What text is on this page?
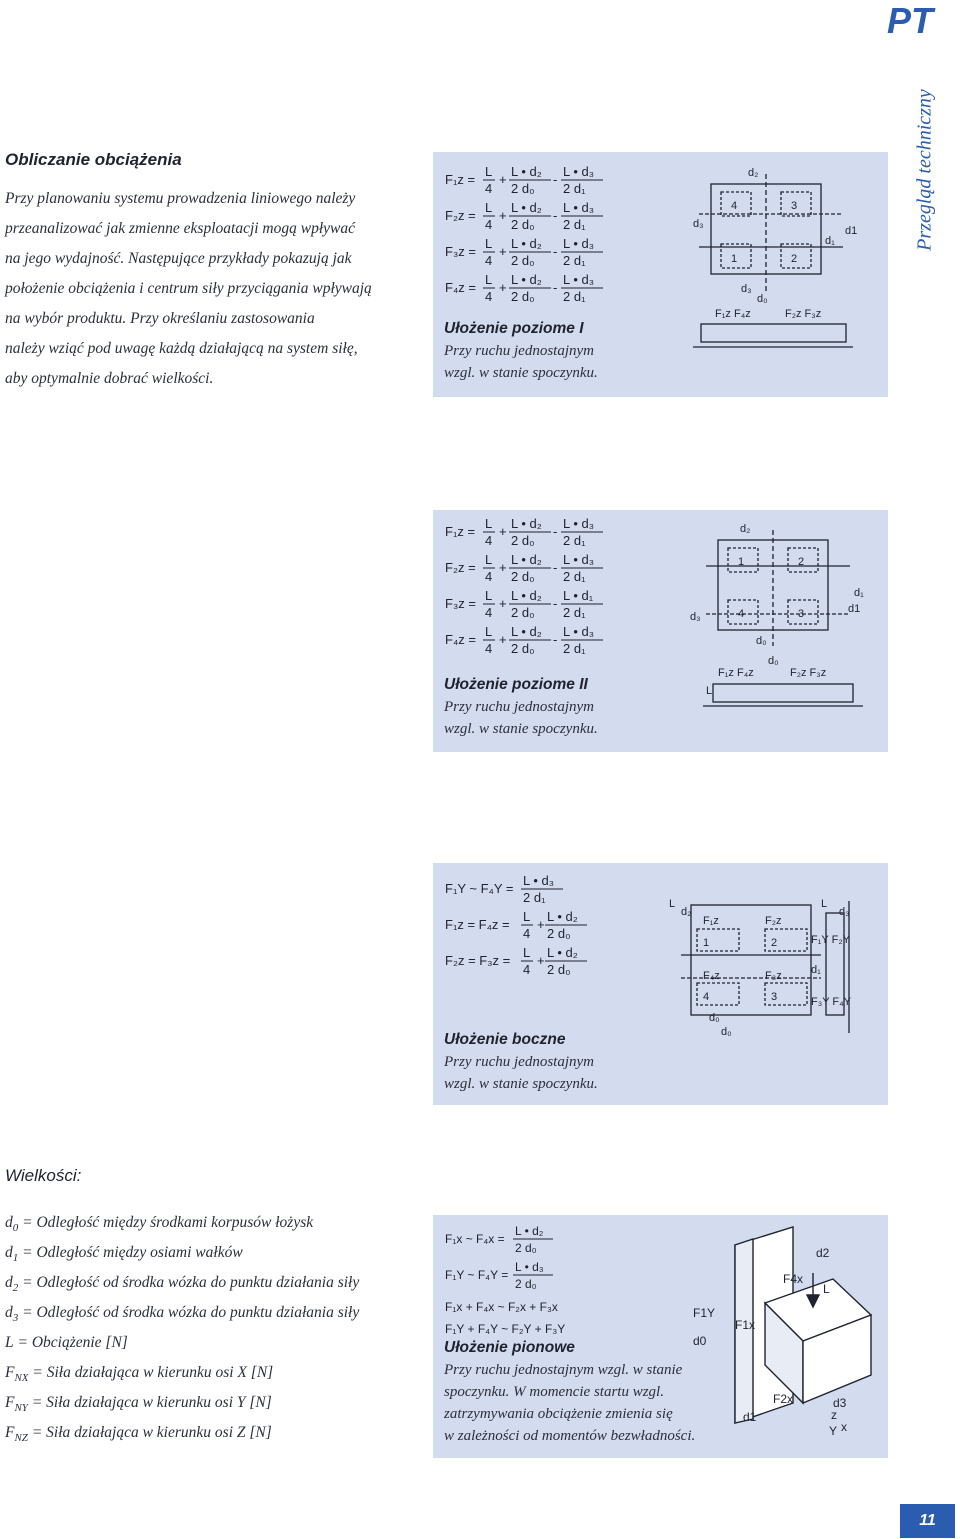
PT
Przegląd techniczny
Obliczanie obciążenia

Przy planowaniu systemu prowadzenia liniowego należy

przeanalizować jak zmienne eksploatacji mogą wpływać

na jego wydajność. Następujące przykłady pokazują jak

położenie obciążenia i centrum siły przyciągania wpływają

na wybór produktu. Przy określaniu zastosowania

należy wziąć pod uwagę każdą działającą na system siłę,

aby optymalnie dobrać wielkości.

F₁z =
L
4
+
L • d₂
2 d₀
-
L • d₃
2 d₁
F₂z =
L
4
+
L • d₂
2 d₀
-
L • d₃
2 d₁
F₃z =
L
4
+
L • d₂
2 d₀
-
L • d₃
2 d₁
F₄z =
L
4
+
L • d₂
2 d₀
-
L • d₃
2 d₁
Ułożenie poziome I
Przy ruchu jednostajnym
wzgl. w stanie spoczynku.
4	3
1	2
d₂
d₃
d₁
d1
d₃
d₀
F₁z F₄z	F₂z F₃z
F₁z =
L
4
+
L • d₂
2 d₀
-
L • d₃
2 d₁
F₂z =
L
4
+
L • d₂
2 d₀
-
L • d₃
2 d₁
F₃z =
L
4
+
L • d₂
2 d₀
-
L • d₁
2 d₁
F₄z =
L
4
+
L • d₂
2 d₀
-
L • d₃
2 d₁
Ułożenie poziome II
Przy ruchu jednostajnym
wzgl. w stanie spoczynku.
1	2
4	3
d₂
d₃
d₁
d1
d₀
d₀
F₁z F₄z	F₂z F₃z
L
F₁Y ~ F₄Y =
L • d₃
2 d₁
F₁z = F₄z =
L
4
+
L • d₂
2 d₀
F₂z = F₃z =
L
4
+
L • d₂
2 d₀
Ułożenie boczne
Przy ruchu jednostajnym
wzgl. w stanie spoczynku.
L
d₂
F₁z	F₂z
1	2
F₄z	F₃z
4	3
F₁Y F₂Y
d₁
F₃Y F₄Y
L
d₃
d₀
d₀
F₁x ~ F₄x =
L • d₂
2 d₀
F₁Y ~ F₄Y =
L • d₃
2 d₀
F₁x + F₄x ~ F₂x + F₃x
F₁Y + F₄Y ~ F₂Y + F₃Y
Ułożenie pionowe
Przy ruchu jednostajnym wzgl. w stanie
spoczynku. W momencie startu wzgl.
zatrzymywania obciążenie zmienia się
w zależności od momentów bezwładności.
d2
F4x
L
F1Y
F1x
d0
d3
F2x
d1	z
x
Y
Wielkości:
$d_0$ = Odległość między środkami korpusów łożysk
$d_1$ = Odległość między osiami wałków
$d_2$ = Odległość od środka wózka do punktu działania siły
$d_3$ = Odległość od środka wózka do punktu działania siły
L = Obciążenie [N]
$F_{NX}$ = Siła działająca w kierunku osi X [N]
$F_{NY}$ = Siła działająca w kierunku osi Y [N]
$F_{NZ}$ = Siła działająca w kierunku osi Z [N]
11
